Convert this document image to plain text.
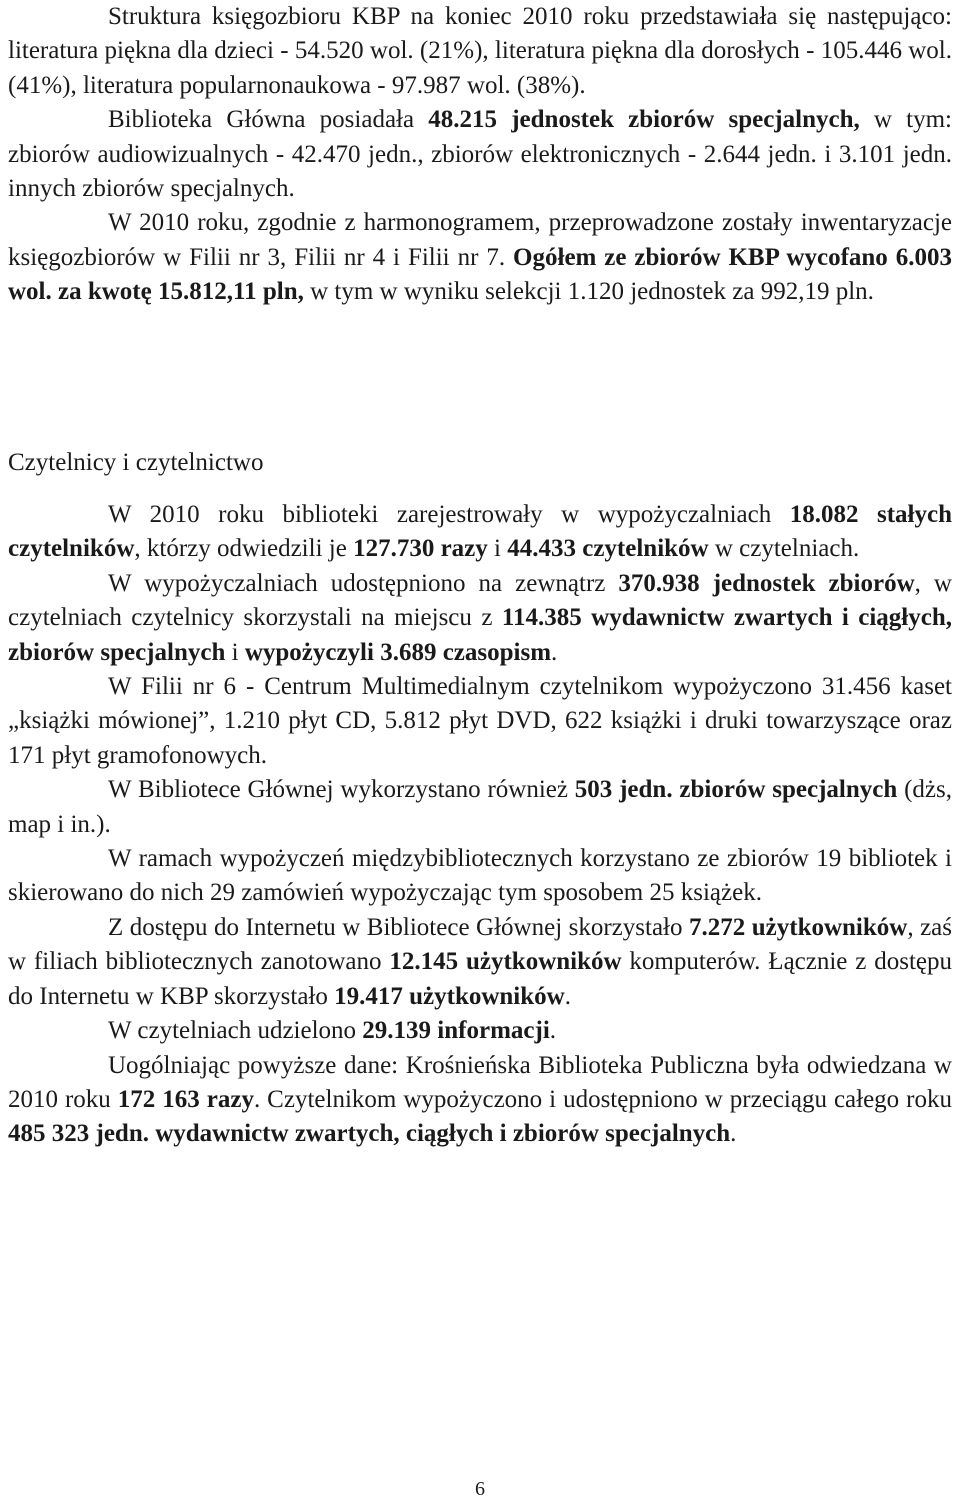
Struktura księgozbioru KBP na koniec 2010 roku przedstawiała się następująco: literatura piękna dla dzieci - 54.520 wol. (21%), literatura piękna dla dorosłych - 105.446 wol. (41%), literatura popularnonaukowa - 97.987 wol. (38%).

Biblioteka Główna posiadała 48.215 jednostek zbiorów specjalnych, w tym: zbiorów audiowizualnych - 42.470 jedn., zbiorów elektronicznych - 2.644 jedn. i 3.101 jedn. innych zbiorów specjalnych.

W 2010 roku, zgodnie z harmonogramem, przeprowadzone zostały inwentaryzacje księgozbiorów w Filii nr 3, Filii nr 4 i Filii nr 7. Ogółem ze zbiorów KBP wycofano 6.003 wol. za kwotę 15.812,11 pln, w tym w wyniku selekcji 1.120 jednostek za 992,19 pln.

Czytelnicy i czytelnictwo

W 2010 roku biblioteki zarejestrowały w wypożyczalniach 18.082 stałych czytelników, którzy odwiedzili je 127.730 razy i 44.433 czytelników w czytelniach.

W wypożyczalniach udostępniono na zewnątrz 370.938 jednostek zbiorów, w czytelniach czytelnicy skorzystali na miejscu z 114.385 wydawnictw zwartych i ciągłych, zbiorów specjalnych i wypożyczyli 3.689 czasopism.

W Filii nr 6 - Centrum Multimedialnym czytelnikom wypożyczono 31.456 kaset „książki mówionej”, 1.210 płyt CD, 5.812 płyt DVD, 622 książki i druki towarzyszące oraz 171 płyt gramofonowych.

W Bibliotece Głównej wykorzystano również 503 jedn. zbiorów specjalnych (dżs, map i in.).

W ramach wypożyczeń międzybibliotecznych korzystano ze zbiorów 19 bibliotek i skierowano do nich 29 zamówień wypożyczając tym sposobem 25 książek.

Z dostępu do Internetu w Bibliotece Głównej skorzystało 7.272 użytkowników, zaś w filiach bibliotecznych zanotowano 12.145 użytkowników komputerów. Łącznie z dostępu do Internetu w KBP skorzystało 19.417 użytkowników.

W czytelniach udzielono 29.139 informacji.

Uogólniając powyższe dane: Krośnieńska Biblioteka Publiczna była odwiedzana w 2010 roku 172 163 razy. Czytelnikom wypożyczono i udostępniono w przeciągu całego roku 485 323 jedn. wydawnictw zwartych, ciągłych i zbiorów specjalnych.

6
